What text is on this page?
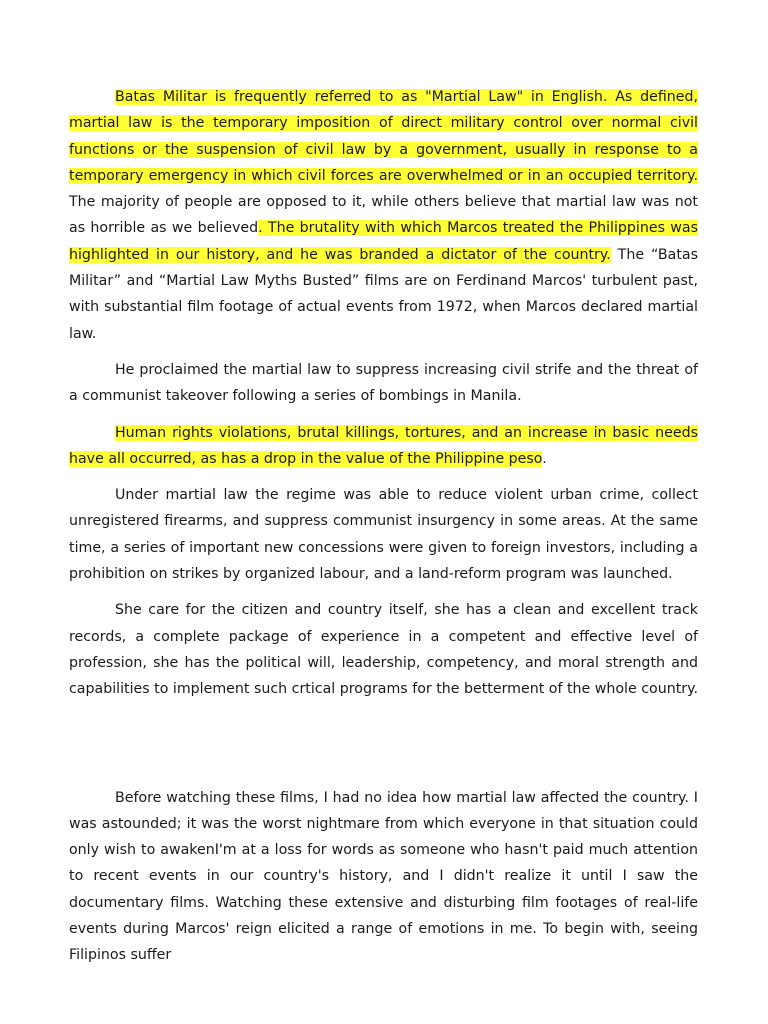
Batas Militar is frequently referred to as "Martial Law" in English. As defined, martial law is the temporary imposition of direct military control over normal civil functions or the suspension of civil law by a government, usually in response to a temporary emergency in which civil forces are overwhelmed or in an occupied territory. The majority of people are opposed to it, while others believe that martial law was not as horrible as we believed. The brutality with which Marcos treated the Philippines was highlighted in our history, and he was branded a dictator of the country. The “Batas Militar” and “Martial Law Myths Busted” films are on Ferdinand Marcos' turbulent past, with substantial film footage of actual events from 1972, when Marcos declared martial law.

He proclaimed the martial law to suppress increasing civil strife and the threat of a communist takeover following a series of bombings in Manila.

Human rights violations, brutal killings, tortures, and an increase in basic needs have all occurred, as has a drop in the value of the Philippine peso.

Under martial law the regime was able to reduce violent urban crime, collect unregistered firearms, and suppress communist insurgency in some areas. At the same time, a series of important new concessions were given to foreign investors, including a prohibition on strikes by organized labour, and a land-reform program was launched.

She care for the citizen and country itself, she has a clean and excellent track records, a complete package of experience in a competent and effective level of profession, she has the political will, leadership, competency, and moral strength and capabilities to implement such crtical programs for the betterment of the whole country.

Before watching these films, I had no idea how martial law affected the country. I was astounded; it was the worst nightmare from which everyone in that situation could only wish to awakenI'm at a loss for words as someone who hasn't paid much attention to recent events in our country's history, and I didn't realize it until I saw the documentary films. Watching these extensive and disturbing film footages of real-life events during Marcos' reign elicited a range of emotions in me. To begin with, seeing Filipinos suffer
